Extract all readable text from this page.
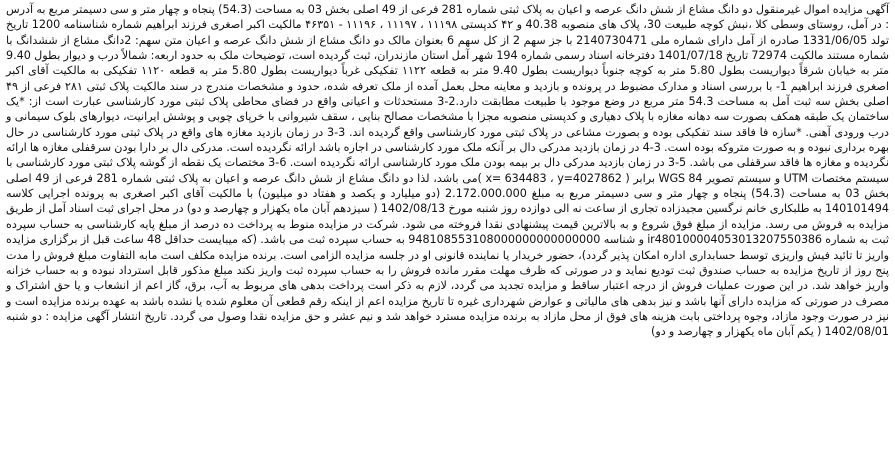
آگهی مزایده اموال غیرمنقول دو دانگ مشاع از شش دانگ عرصه و اعیان به پلاک ثبتی شماره 281 فرعی از 49 اصلی بخش 03 به مساحت (54.3) پنجاه و چهار متر و سی دسیمتر مربع به آدرس : در آمل، روستای وسطی کلا ،نبش کوچه طبیعت 30، پلاک های منصوبه 40.38 و ۴۲ کدپستی ۱۱۱۹۸ ، ۱۱۱۹۷ ، ۱۱۱۹۶ - ۴۶۳۵۱ مالکیت اکبر اصغری فرزند ابراهیم شماره شناسنامه 1200 تاریخ تولد 1331/06/05 صادره از آمل دارای شماره ملی 2140730471 با جز سهم 2 از کل سهم 6 بعنوان مالک دو دانگ مشاع از شش دانگ عرصه و اعیان متن سهم: 2دانگ مشاع از ششدانگ با شماره مستند مالکیت 72974 تاریخ 1401/07/18 دفترخانه اسناد رسمی شماره 194 شهر آمل استان مازندران، ثبت گردیده است، توضیحات ملک به حدود اربعه: شمالاً درب و دیوار بطول 9.40 متر به خیابان شرقاً دیواریست بطول 5.80 متر به کوچه جنوباً دیواریست بطول 9.40 متر به قطعه ۱۱۲۲ تفکیکی غرباً دیواریست بطول 5.80 متر به قطعه ۱۱۲۰ تفکیکی به مالکیت آقای اکبر اصغری فرزند ابراهیم 1- با بررسی اسناد و مدارک مضبوط در پرونده و بازدید و معاینه محل بعمل آمده از ملک تعرفه شده، حدود و مشخصات مندرج در سند مالکیت پلاک ثبتی ۲۸۱ فرعی از ۴۹ اصلی بخش سه ثبت آمل به مساحت 54.3 متر مربع در وضع موجود با طبیعت مطابقت دارد.2-3 مستحدثات و اعیانی واقع در فضای محاطی پلاک ثبتی مورد کارشناسی عبارت است از: *یک ساختمان یک طبقه همکف بصورت سه دهانه مغازه با پلاک دهیاری و کدپستی منصوبه مجزا با مشخصات مصالح بنایی ، سقف شیروانی با خرپای چوبی و پوشش ایرانیت، دیوارهای بلوک سیمانی و درب ورودی آهنی. *سازه فا فاقد سند تفکیکی بوده و بصورت مشاعی در پلاک ثبتی مورد کارشناسی واقع گردیده اند. 3-3 در زمان بازدید مغازه های واقع در پلاک ثبتی مورد کارشناسی در حال بهره برداری نبوده و به صورت متروکه بوده است. 3-4 در زمان بازدید مدرکی دال بر آنکه ملک مورد کارشناسی در اجاره باشد ارائه نگردیده است. مدرکی دال بر دارا بودن سرقفلی مغازه ها ارائه نگردیده و مغازه ها فاقد سرقفلی می باشد. 5-3 در زمان بازدید مدرکی دال بر بیمه بودن ملک مورد کارشناسی ارائه نگردیده است. 6-3 مختصات یک نقطه از گوشه پلاک ثبتی مورد کارشناسی با سیستم مختصات UTM و سیستم تصویر WGS 84 برابر ( x= 634483 ، y=4027862 )می باشد، لذا دو دانگ مشاع از شش دانگ عرصه و اعیان به پلاک ثبتی شماره 281 فرعی از 49 اصلی بخش 03 به مساحت (54.3) پنجاه و چهار متر و سی دسیمتر مربع به مبلغ 2.172.000.000 (دو میلیارد و یکصد و هفتاد دو میلیون) با مالکیت آقای اکبر اصغری به پرونده اجرایی کلاسه 140101494 به طلبکاری خانم نرگسین مجیدزاده تجاری از ساعت نه الی دوازده روز شنبه مورخ 1402/08/13 ( سیزدهم آبان ماه یکهزار و چهارصد و دو) در محل اجرای ثبت اسناد آمل از طریق مزایده به فروش می رسد. مزایده از مبلغ فوق شروع و به بالاترین قیمت پیشنهادی نقدا فروخته می شود. شرکت در مزایده منوط به پرداخت ده درصد از مبلغ پایه کارشناسی به حساب سپرده ثبت به شماره ir480100004053013207550386 و شناسه 948108553108000000000000000 به حساب سپرده ثبت می باشد. (که میبایست حداقل 48 ساعت قبل از برگزاری مزایده واریز تا تائید فیش واریزی توسط حسابداری اداره امکان پذیر گردد)، حضور خریدار یا نماینده قانونی او در جلسه مزایده الزامی است. برنده مزایده مکلف است مابه التفاوت مبلغ فروش را مدت پنج روز از تاریخ مزایده به حساب صندوق ثبت تودیع نماید و در صورتی که ظرف مهلت مقرر مانده فروش را به حساب سپرده ثبت واریز نکند مبلغ مذکور قابل استرداد نبوده و به حساب خزانه واریز خواهد شد. در این صورت عملیات فروش از درجه اعتبار ساقط و مزایده تجدید می گردد، لازم به ذکر است پرداخت بدهی های مربوط به آب، برق، گاز اعم از انشعاب و یا حق اشتراک و مصرف در صورتی که مزایده دارای آنها باشد و نیز بدهی های مالیاتی و عوارض شهرداری غیره تا تاریخ مزایده اعم از اینکه رقم قطعی آن معلوم شده یا نشده باشد به عهده برنده مزایده است و نیز در صورت وجود مازاد، وجوه پرداختی بابت هزینه های فوق از محل مازاد به برنده مزایده مسترد خواهد شد و نیم عشر و حق مزایده نقدا وصول می گردد. تاریخ انتشار آگهی مزایده : دو شنبه 1402/08/01 ( یکم آبان ماه یکهزار و چهارصد و دو)
